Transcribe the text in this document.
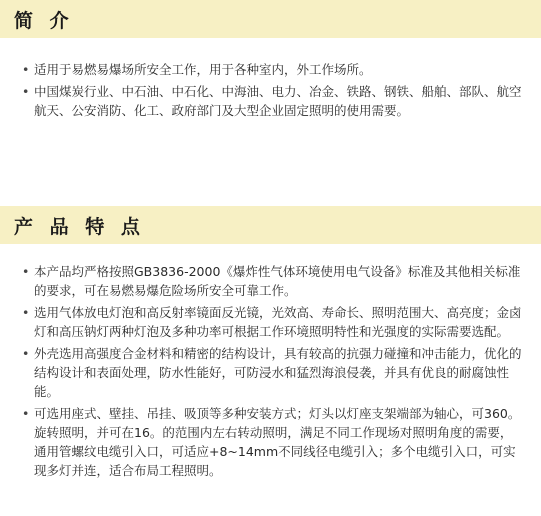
简 介
• 适用于易燃易爆场所安全工作，用于各种室内，外工作场所。
• 中国煤炭行业、中石油、中石化、中海油、电力、冶金、铁路、钢铁、船舶、部队、航空航天、公安消防、化工、政府部门及大型企业固定照明的使用需要。
产 品 特 点
• 本产品均严格按照GB3836-2000《爆炸性气体环境使用电气设备》标准及其他相关标准的要求，可在易燃易爆危险场所安全可靠工作。
• 选用气体放电灯泡和高反射率镜面反光镜，光效高、寿命长、照明范围大、高亮度；金卤灯和高压钠灯两种灯泡及多种功率可根据工作环境照明特性和光强度的实际需要选配。
• 外壳选用高强度合金材料和精密的结构设计，具有较高的抗强力碰撞和冲击能力，优化的结构设计和表面处理，防水性能好，可防浸水和猛烈海浪侵袭，并具有优良的耐腐蚀性能。
• 可选用座式、壁挂、吊挂、吸顶等多种安装方式；灯头以灯座支架端部为轴心，可360。旋转照明，并可在16。的范围内左右转动照明，满足不同工作现场对照明角度的需要，通用管螺纹电缆引入口，可适应+8~14mm不同线径电缆引入；多个电缆引入口，可实现多灯并连，适合布局工程照明。
